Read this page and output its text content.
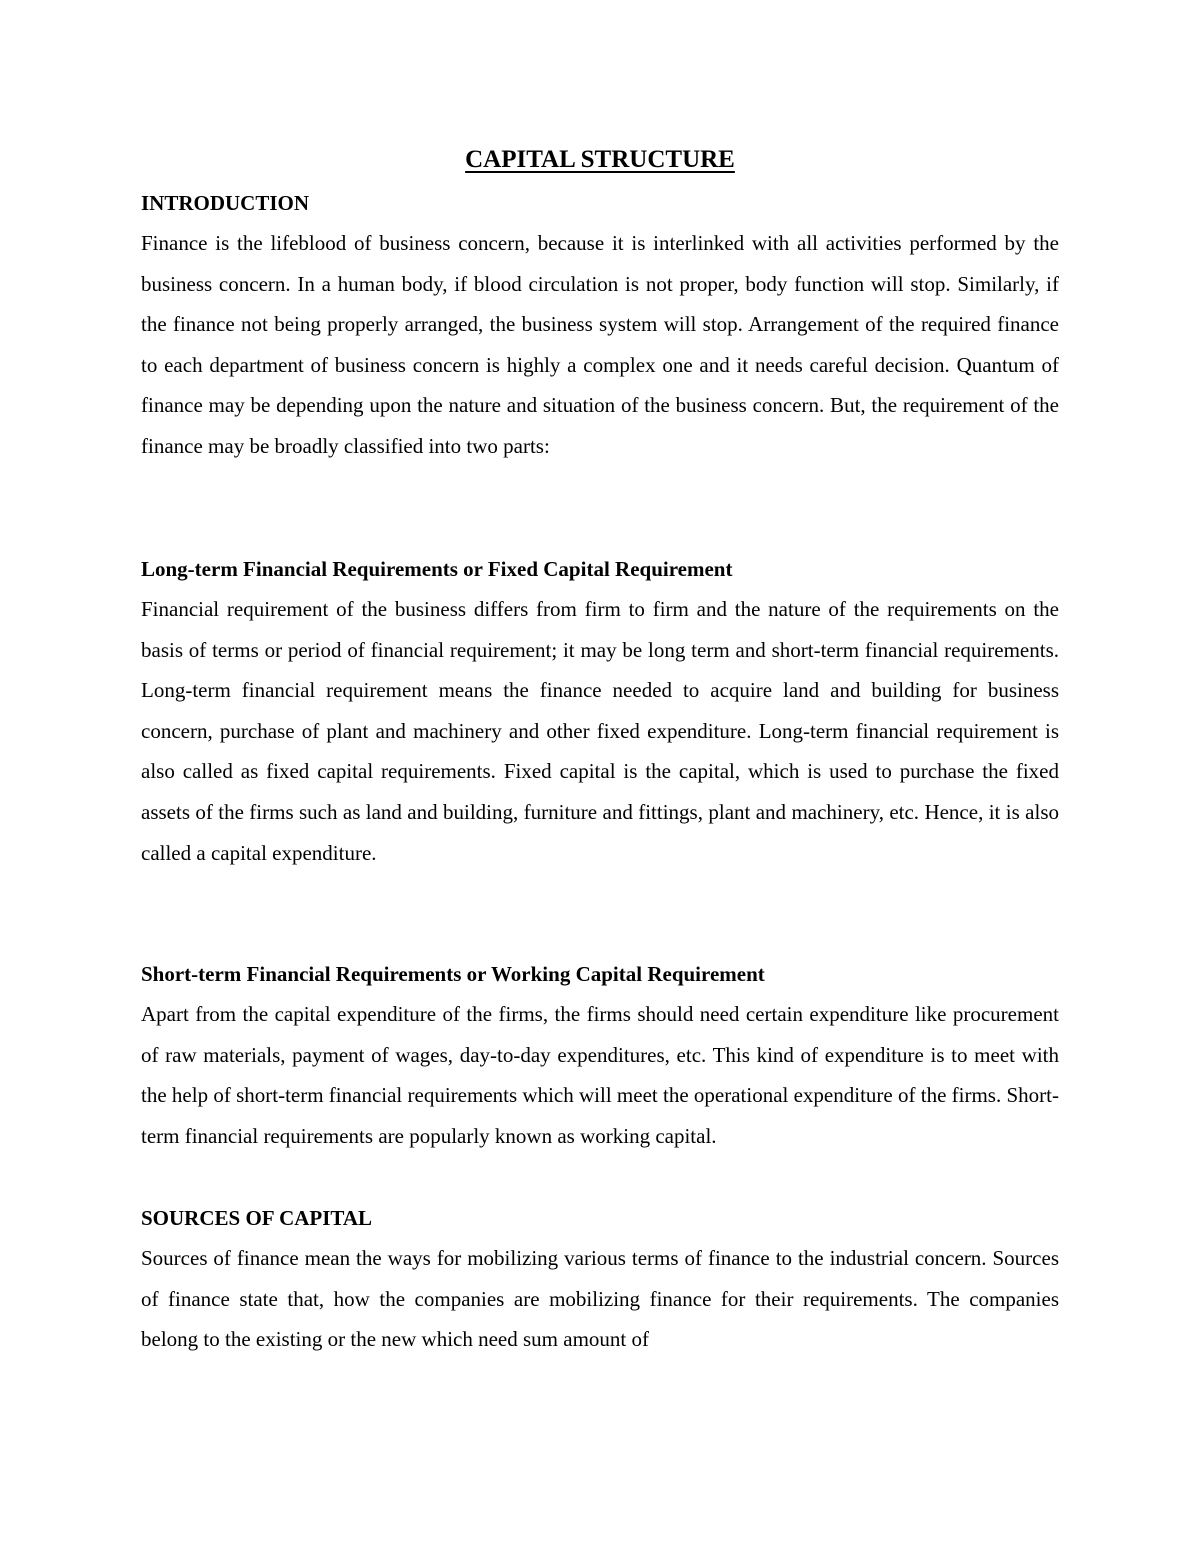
CAPITAL STRUCTURE
INTRODUCTION
Finance is the lifeblood of business concern, because it is interlinked with all activities performed by the business concern. In a human body, if blood circulation is not proper, body function will stop. Similarly, if the finance not being properly arranged, the business system will stop. Arrangement of the required finance to each department of business concern is highly a complex one and it needs careful decision. Quantum of finance may be depending upon the nature and situation of the business concern. But, the requirement of the finance may be broadly classified into two parts:
Long-term Financial Requirements or Fixed Capital Requirement
Financial requirement of the business differs from firm to firm and the nature of the requirements on the basis of terms or period of financial requirement; it may be long term and short-term financial requirements. Long-term financial requirement means the finance needed to acquire land and building for business concern, purchase of plant and machinery and other fixed expenditure. Long-term financial requirement is also called as fixed capital requirements. Fixed capital is the capital, which is used to purchase the fixed assets of the firms such as land and building, furniture and fittings, plant and machinery, etc. Hence, it is also called a capital expenditure.
Short-term Financial Requirements or Working Capital Requirement
Apart from the capital expenditure of the firms, the firms should need certain expenditure like procurement of raw materials, payment of wages, day-to-day expenditures, etc. This kind of expenditure is to meet with the help of short-term financial requirements which will meet the operational expenditure of the firms. Short-term financial requirements are popularly known as working capital.
SOURCES OF CAPITAL
Sources of finance mean the ways for mobilizing various terms of finance to the industrial concern. Sources of finance state that, how the companies are mobilizing finance for their requirements. The companies belong to the existing or the new which need sum amount of
